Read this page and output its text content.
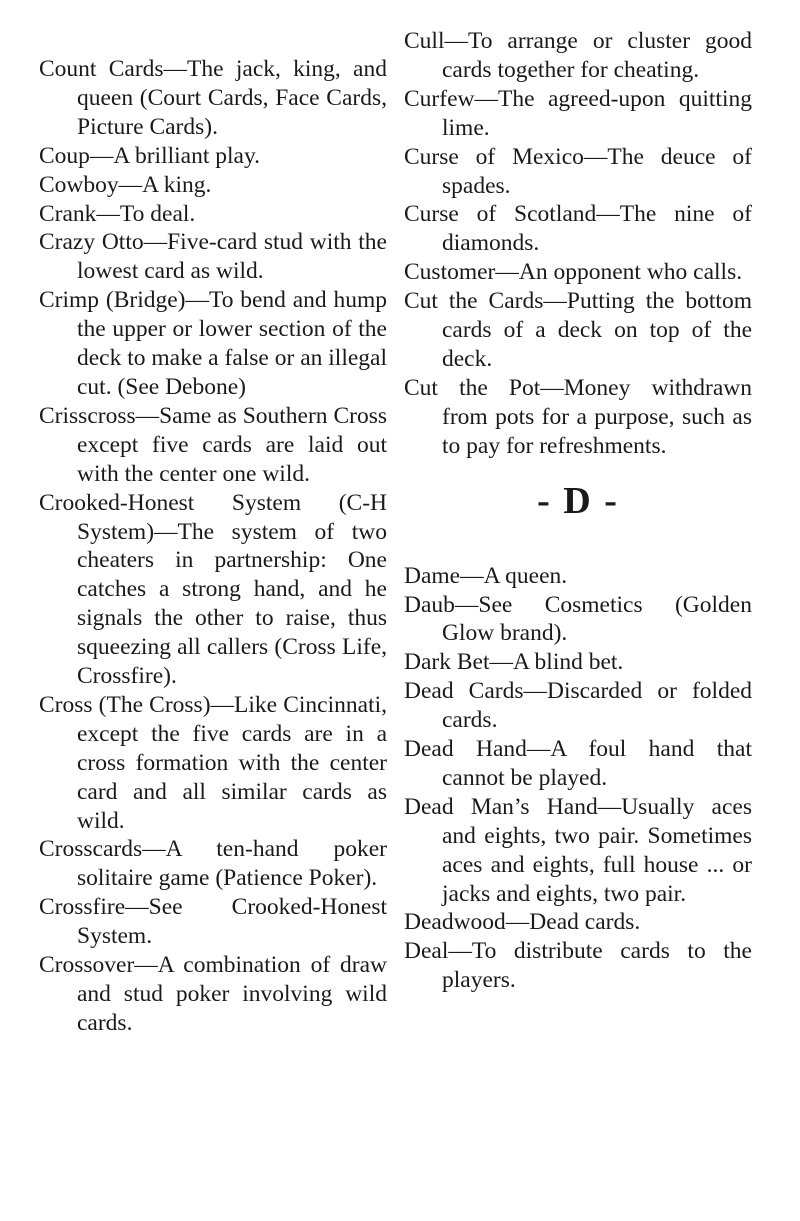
Count Cards—The jack, king, and queen (Court Cards, Face Cards, Picture Cards).

Coup—A brilliant play.

Cowboy—A king.

Crank—To deal.

Crazy Otto—Five-card stud with the lowest card as wild.

Crimp (Bridge)—To bend and hump the upper or lower section of the deck to make a false or an illegal cut. (See Debone)

Crisscross—Same as Southern Cross except five cards are laid out with the center one wild.

Crooked-Honest System (C-H System)—The system of two cheaters in partnership: One catches a strong hand, and he signals the other to raise, thus squeezing all callers (Cross Life, Crossfire).

Cross (The Cross)—Like Cincinnati, except the five cards are in a cross formation with the center card and all similar cards as wild.

Crosscards—A ten-hand poker solitaire game (Patience Poker).

Crossfire—See Crooked-Honest System.

Crossover—A combination of draw and stud poker involving wild cards.

Cull—To arrange or cluster good cards together for cheating.

Curfew—The agreed-upon quitting lime.

Curse of Mexico—The deuce of spades.

Curse of Scotland—The nine of diamonds.

Customer—An opponent who calls.

Cut the Cards—Putting the bottom cards of a deck on top of the deck.

Cut the Pot—Money withdrawn from pots for a purpose, such as to pay for refreshments.

- D -

Dame—A queen.

Daub—See Cosmetics (Golden Glow brand).

Dark Bet—A blind bet.

Dead Cards—Discarded or folded cards.

Dead Hand—A foul hand that cannot be played.

Dead Man’s Hand—Usually aces and eights, two pair. Sometimes aces and eights, full house ... or jacks and eights, two pair.

Deadwood—Dead cards.

Deal—To distribute cards to the players.
